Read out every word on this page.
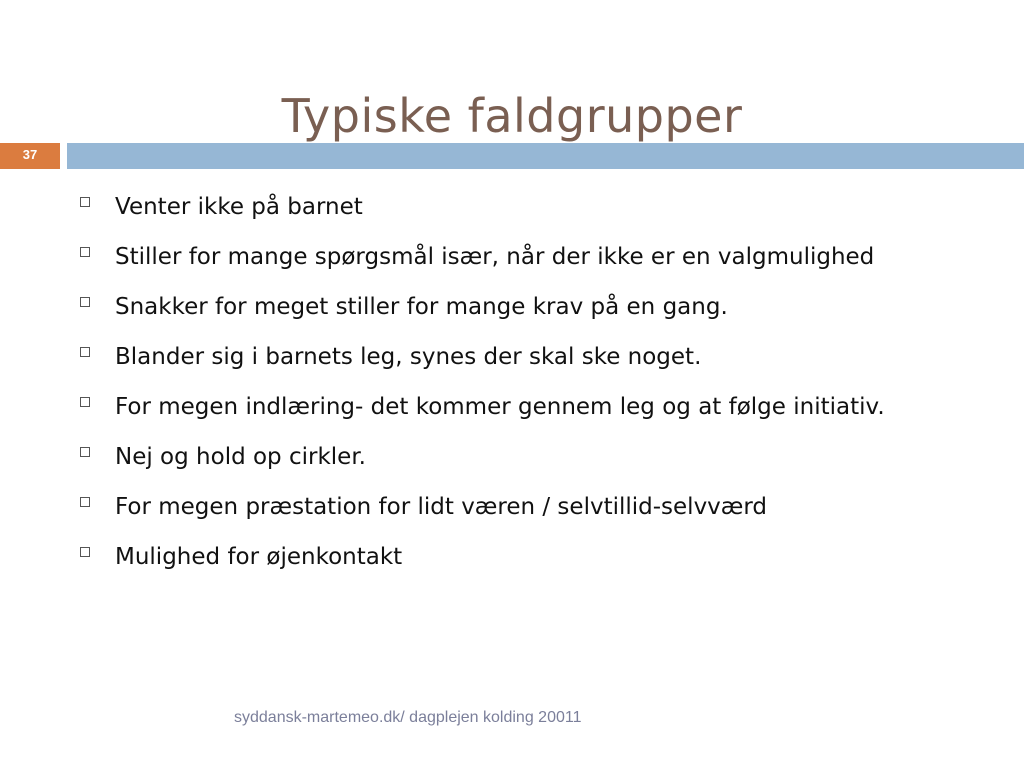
Typiske faldgrupper
37
Venter ikke på barnet
Stiller for mange spørgsmål især, når der ikke er en valgmulighed
Snakker for meget stiller for mange krav på en gang.
Blander sig i barnets leg, synes der skal ske noget.
For megen indlæring- det kommer gennem leg og at følge initiativ.
Nej og hold op cirkler.
For megen præstation for lidt væren / selvtillid-selvværd
Mulighed for øjenkontakt
syddansk-martemeo.dk/ dagplejen kolding 20011
